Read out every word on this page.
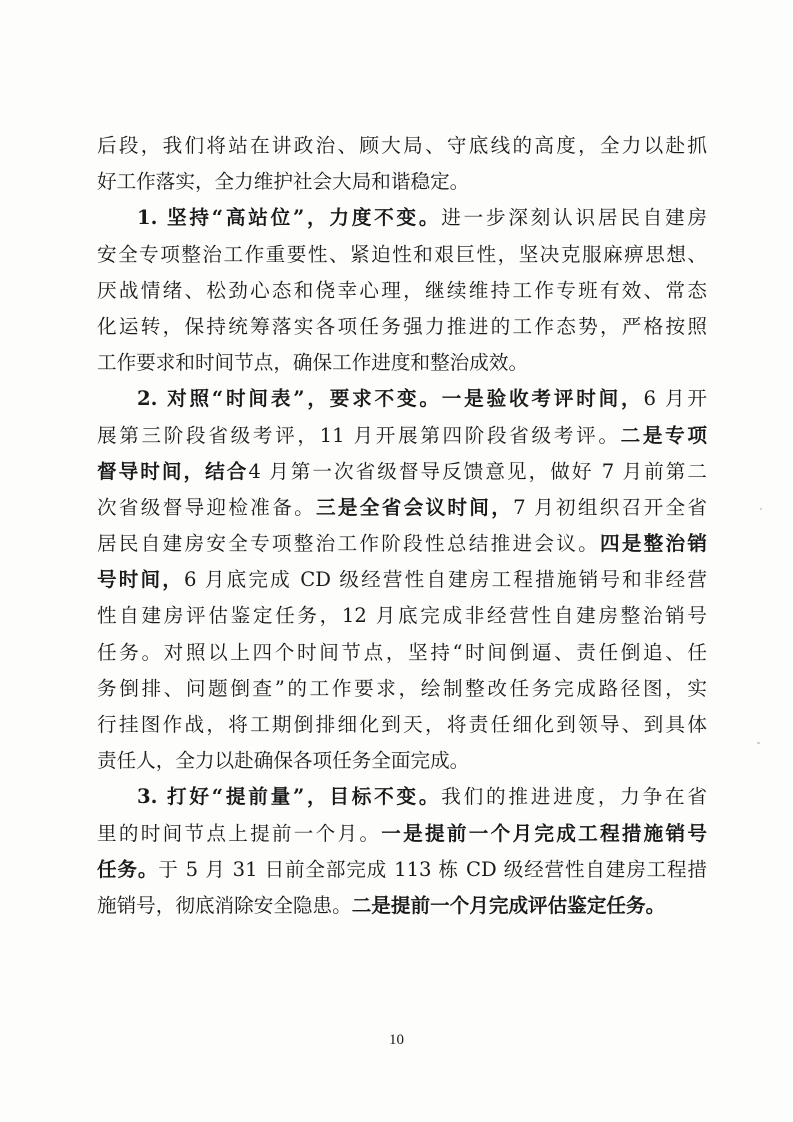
后段，我们将站在讲政治、顾大局、守底线的高度，全力以赴抓
好工作落实，全力维护社会大局和谐稳定。
1. 坚持“高站位”，力度不变。进一步深刻认识居民自建房
安全专项整治工作重要性、紧迫性和艰巨性，坚决克服麻痹思想、
厌战情绪、松劲心态和侥幸心理，继续维持工作专班有效、常态
化运转，保持统筹落实各项任务强力推进的工作态势，严格按照
工作要求和时间节点，确保工作进度和整治成效。
2. 对照“时间表”，要求不变。一是验收考评时间，6 月开
展第三阶段省级考评，11 月开展第四阶段省级考评。二是专项
督导时间，结合4 月第一次省级督导反馈意见，做好 7 月前第二
次省级督导迎检准备。三是全省会议时间，7 月初组织召开全省
居民自建房安全专项整治工作阶段性总结推进会议。四是整治销
号时间，6 月底完成 CD 级经营性自建房工程措施销号和非经营
性自建房评估鉴定任务，12 月底完成非经营性自建房整治销号
任务。对照以上四个时间节点，坚持“时间倒逼、责任倒追、任
务倒排、问题倒查”的工作要求，绘制整改任务完成路径图，实
行挂图作战，将工期倒排细化到天，将责任细化到领导、到具体
责任人，全力以赴确保各项任务全面完成。
3. 打好“提前量”，目标不变。我们的推进进度，力争在省
里的时间节点上提前一个月。一是提前一个月完成工程措施销号
任务。于 5 月 31 日前全部完成 113 栋 CD 级经营性自建房工程措
施销号，彻底消除安全隐患。二是提前一个月完成评估鉴定任务。
10
